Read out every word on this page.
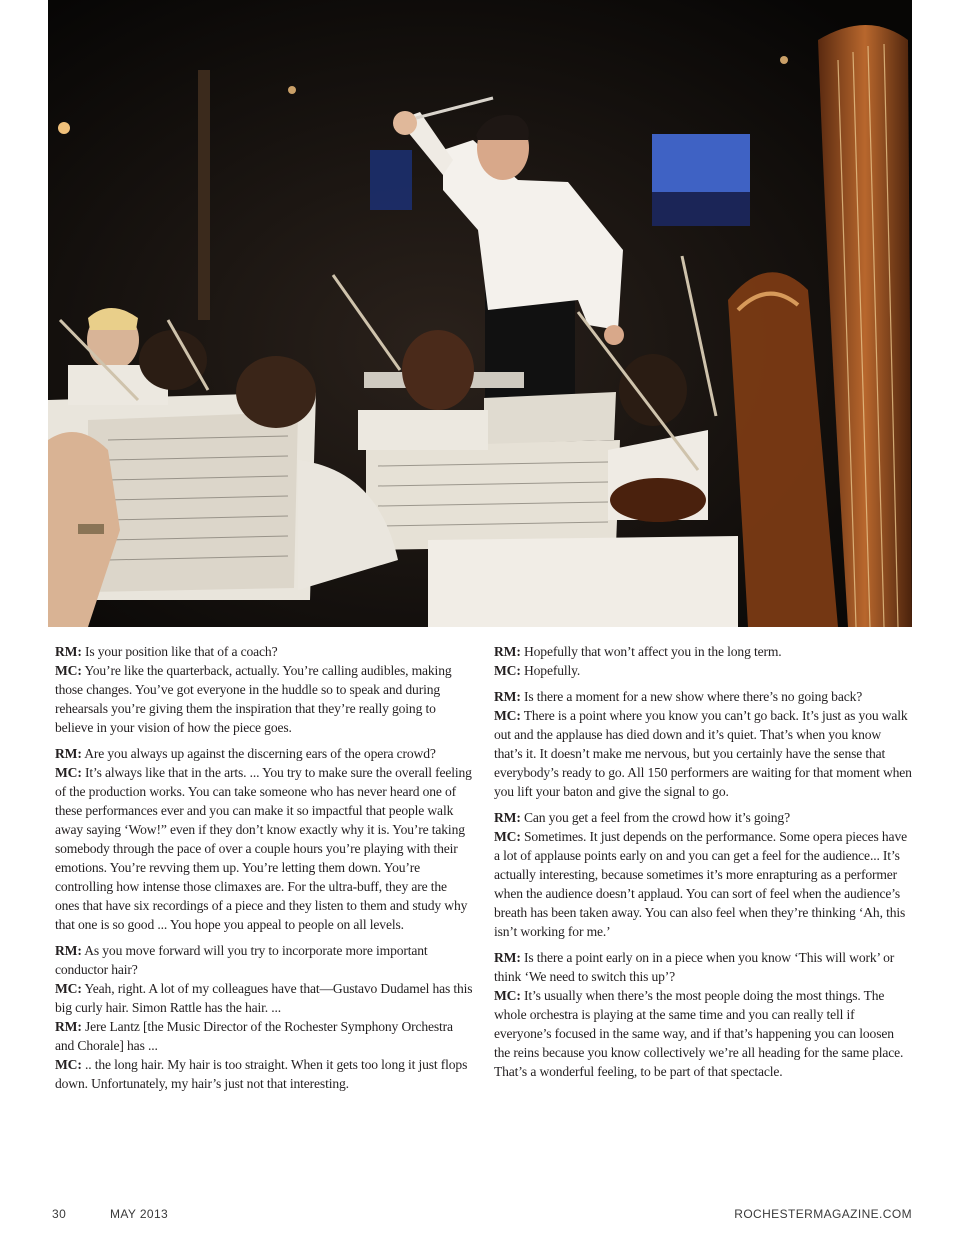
RM: Is your position like that of a coach?

MC: You’re like the quarterback, actually. You’re calling audibles, making those changes. You’ve got everyone in the huddle so to speak and during rehearsals you’re giving them the inspiration that they’re really going to believe in your vision of how the piece goes.

RM: Are you always up against the discerning ears of the opera crowd?

MC: It’s always like that in the arts. ... You try to make sure the overall feeling of the production works. You can take someone who has never heard one of these performances ever and you can make it so impactful that people walk away saying ‘Wow!” even if they don’t know exactly why it is. You’re taking somebody through the pace of over a couple hours you’re playing with their emotions. You’re revving them up. You’re letting them down. You’re controlling how intense those climaxes are. For the ultra-buff, they are the ones that have six recordings of a piece and they listen to them and study why that one is so good ... You hope you appeal to people on all levels.

RM: As you move forward will you try to incorporate more important conductor hair?

MC: Yeah, right. A lot of my colleagues have that—Gustavo Dudamel has this big curly hair. Simon Rattle has the hair. ...

RM: Jere Lantz [the Music Director of the Rochester Symphony Orchestra and Chorale] has ...

MC: .. the long hair. My hair is too straight. When it gets too long it just flops down. Unfortunately, my hair’s just not that interesting.

RM: Hopefully that won’t affect you in the long term.

MC: Hopefully.

RM: Is there a moment for a new show where there’s no going back?

MC: There is a point where you know you can’t go back. It’s just as you walk out and the applause has died down and it’s quiet. That’s when you know that’s it. It doesn’t make me nervous, but you certainly have the sense that everybody’s ready to go. All 150 performers are waiting for that moment when you lift your baton and give the signal to go.

RM: Can you get a feel from the crowd how it’s going?

MC: Sometimes. It just depends on the performance. Some opera pieces have a lot of applause points early on and you can get a feel for the audience... It’s actually interesting, because sometimes it’s more enrapturing as a performer when the audience doesn’t applaud. You can sort of feel when the audience’s breath has been taken away. You can also feel when they’re thinking ‘Ah, this isn’t working for me.’

RM: Is there a point early on in a piece when you know ‘This will work’ or think ‘We need to switch this up’?

MC: It’s usually when there’s the most people doing the most things. The whole orchestra is playing at the same time and you can really tell if everyone’s focused in the same way, and if that’s happening you can loosen the reins because you know collectively we’re all heading for the same place. That’s a wonderful feeling, to be part of that spectacle.

30	MAY 2013	ROCHESTERMAGAZINE.COM
